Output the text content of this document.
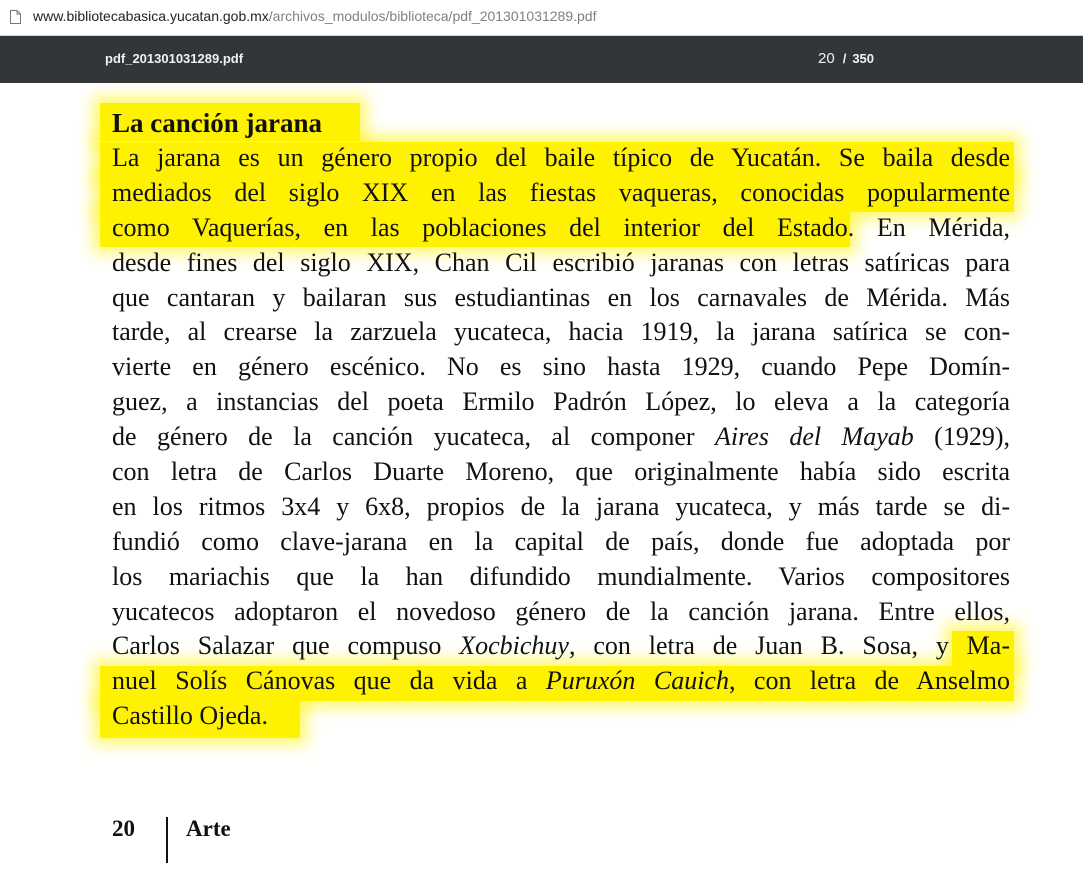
www.bibliotecabasica.yucatan.gob.mx/archivos_modulos/biblioteca/pdf_201301031289.pdf
pdf_201301031289.pdf	20 / 350
La canción jarana
La jarana es un género propio del baile típico de Yucatán. Se baila desde
mediados del siglo XIX en las fiestas vaqueras, conocidas popularmente
como Vaquerías, en las poblaciones del interior del Estado. En Mérida,
desde fines del siglo XIX, Chan Cil escribió jaranas con letras satíricas para
que cantaran y bailaran sus estudiantinas en los carnavales de Mérida. Más
tarde, al crearse la zarzuela yucateca, hacia 1919, la jarana satírica se con-
vierte en género escénico. No es sino hasta 1929, cuando Pepe Domín-
guez, a instancias del poeta Ermilo Padrón López, lo eleva a la categoría
de género de la canción yucateca, al componer Aires del Mayab (1929),
con letra de Carlos Duarte Moreno, que originalmente había sido escrita
en los ritmos 3x4 y 6x8, propios de la jarana yucateca, y más tarde se di-
fundió como clave-jarana en la capital de país, donde fue adoptada por
los mariachis que la han difundido mundialmente. Varios compositores
yucatecos adoptaron el novedoso género de la canción jarana. Entre ellos,
Carlos Salazar que compuso Xocbichuy, con letra de Juan B. Sosa, y Ma-
nuel Solís Cánovas que da vida a Puruxón Cauich, con letra de Anselmo
Castillo Ojeda.
20 Arte
